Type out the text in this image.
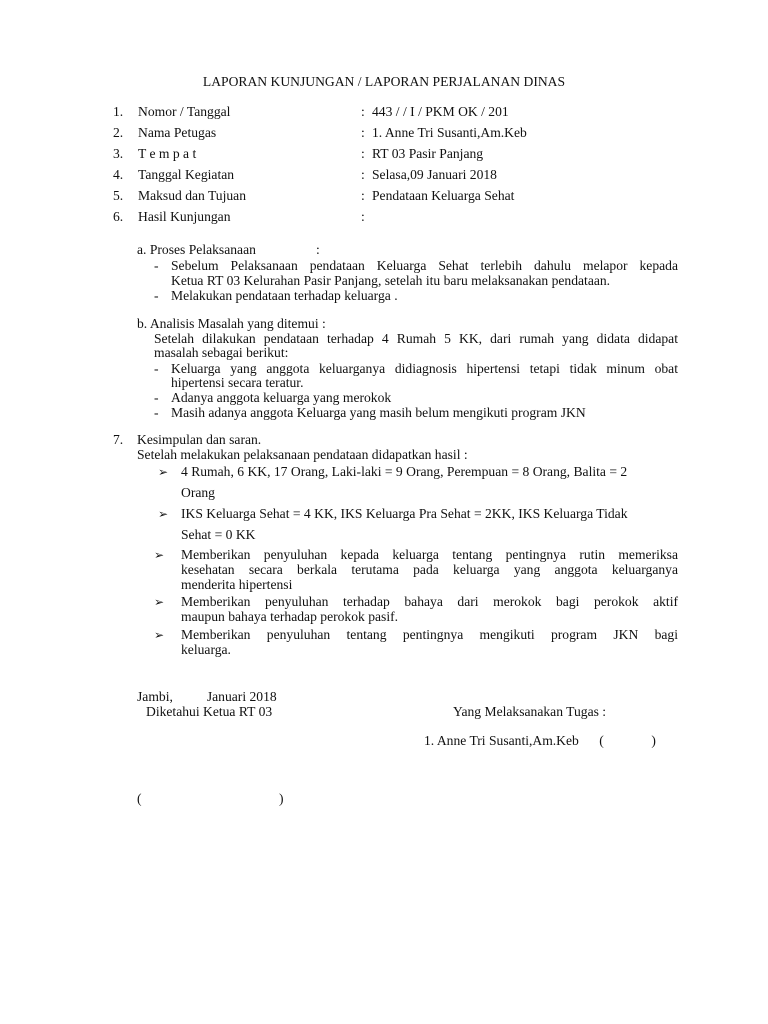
LAPORAN KUNJUNGAN / LAPORAN PERJALANAN DINAS
1. Nomor / Tanggal	: 443 / / I / PKM OK / 201
2. Nama Petugas	: 1. Anne Tri Susanti,Am.Keb
3. T e m p a t	: RT 03 Pasir Panjang
4. Tanggal Kegiatan	: Selasa,09 Januari 2018
5. Maksud dan Tujuan	: Pendataan Keluarga Sehat
6. Hasil Kunjungan	:
a. Proses Pelaksanaan	:
- Sebelum Pelaksanaan pendataan Keluarga Sehat terlebih dahulu melapor kepada
Ketua RT 03 Kelurahan Pasir Panjang, setelah itu baru melaksanakan pendataan.
- Melakukan pendataan terhadap keluarga .
b. Analisis Masalah yang ditemui :
Setelah dilakukan pendataan terhadap 4 Rumah 5 KK, dari rumah yang didata didapat
masalah sebagai berikut:
- Keluarga yang anggota keluarganya didiagnosis hipertensi tetapi tidak minum obat
hipertensi secara teratur.
- Adanya anggota keluarga yang merokok
- Masih adanya anggota Keluarga yang masih belum mengikuti program JKN
7. Kesimpulan dan saran.
Setelah melakukan pelaksanaan pendataan didapatkan hasil :
➢ 4 Rumah, 6 KK, 17 Orang, Laki-laki = 9 Orang, Perempuan = 8 Orang, Balita = 2
Orang
➢ IKS Keluarga Sehat = 4 KK, IKS Keluarga Pra Sehat = 2KK, IKS Keluarga Tidak
Sehat = 0 KK
➢ Memberikan penyuluhan kepada keluarga tentang pentingnya rutin memeriksa
kesehatan secara berkala terutama pada keluarga yang anggota keluarganya
menderita hipertensi
➢ Memberikan penyuluhan terhadap bahaya dari merokok bagi perokok aktif
maupun bahaya terhadap perokok pasif.
➢ Memberikan penyuluhan tentang pentingnya mengikuti program JKN bagi
keluarga.
Jambi,          Januari 2018
Diketahui Ketua RT 03	Yang Melaksanakan Tugas :
1. Anne Tri Susanti,Am.Keb      (              )
(	)
